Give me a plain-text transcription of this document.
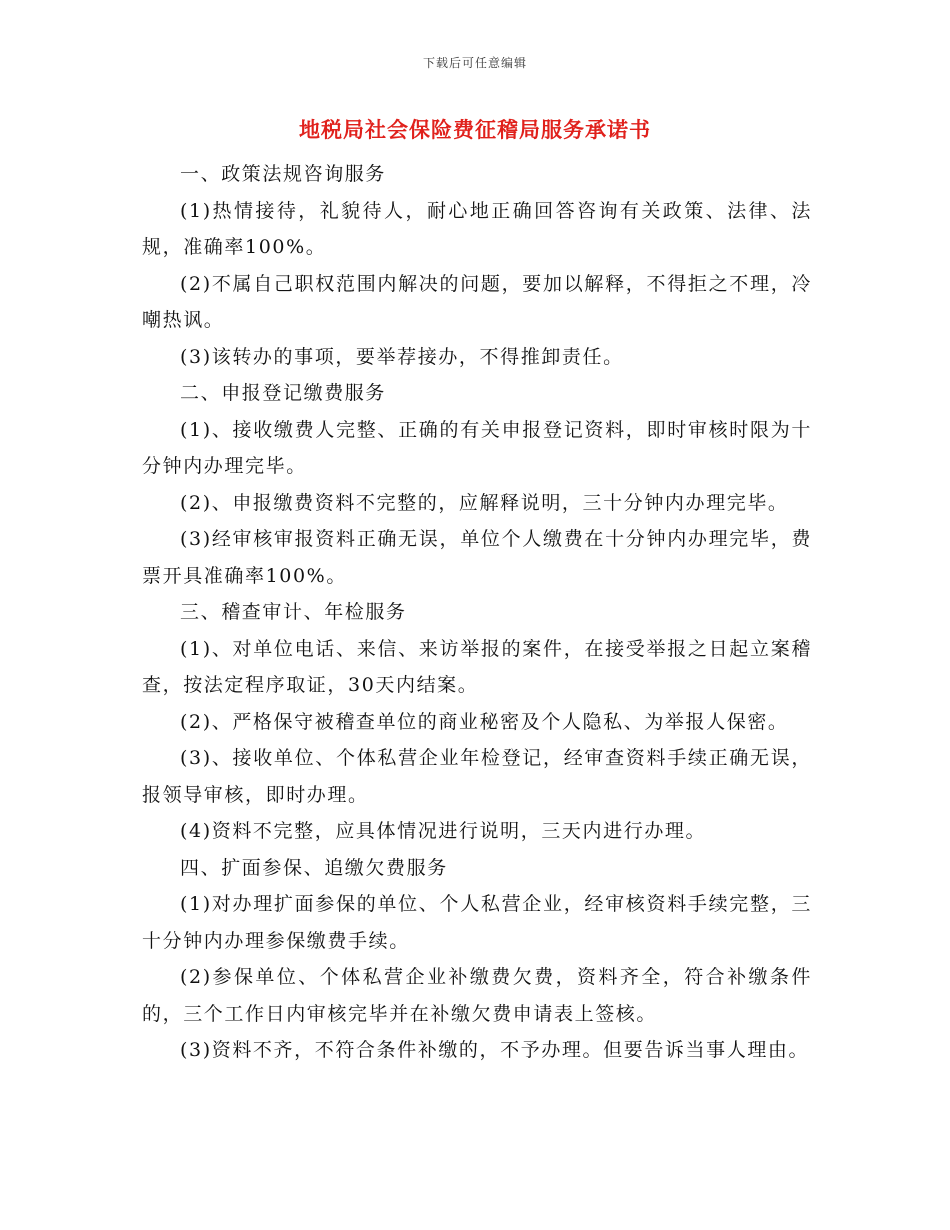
下载后可任意编辑
地税局社会保险费征稽局服务承诺书

一、政策法规咨询服务

(1)热情接待，礼貌待人，耐心地正确回答咨询有关政策、法律、法规，准确率100%。

(2)不属自己职权范围内解决的问题，要加以解释，不得拒之不理，冷嘲热讽。

(3)该转办的事项，要举荐接办，不得推卸责任。

二、申报登记缴费服务

(1)、接收缴费人完整、正确的有关申报登记资料，即时审核时限为十分钟内办理完毕。

(2)、申报缴费资料不完整的，应解释说明，三十分钟内办理完毕。

(3)经审核审报资料正确无误，单位个人缴费在十分钟内办理完毕，费票开具准确率100%。

三、稽查审计、年检服务

(1)、对单位电话、来信、来访举报的案件，在接受举报之日起立案稽查，按法定程序取证，30天内结案。

(2)、严格保守被稽查单位的商业秘密及个人隐私、为举报人保密。

(3)、接收单位、个体私营企业年检登记，经审查资料手续正确无误，报领导审核，即时办理。

(4)资料不完整，应具体情况进行说明，三天内进行办理。

四、扩面参保、追缴欠费服务

(1)对办理扩面参保的单位、个人私营企业，经审核资料手续完整，三十分钟内办理参保缴费手续。

(2)参保单位、个体私营企业补缴费欠费，资料齐全，符合补缴条件的，三个工作日内审核完毕并在补缴欠费申请表上签核。

(3)资料不齐，不符合条件补缴的，不予办理。但要告诉当事人理由。
